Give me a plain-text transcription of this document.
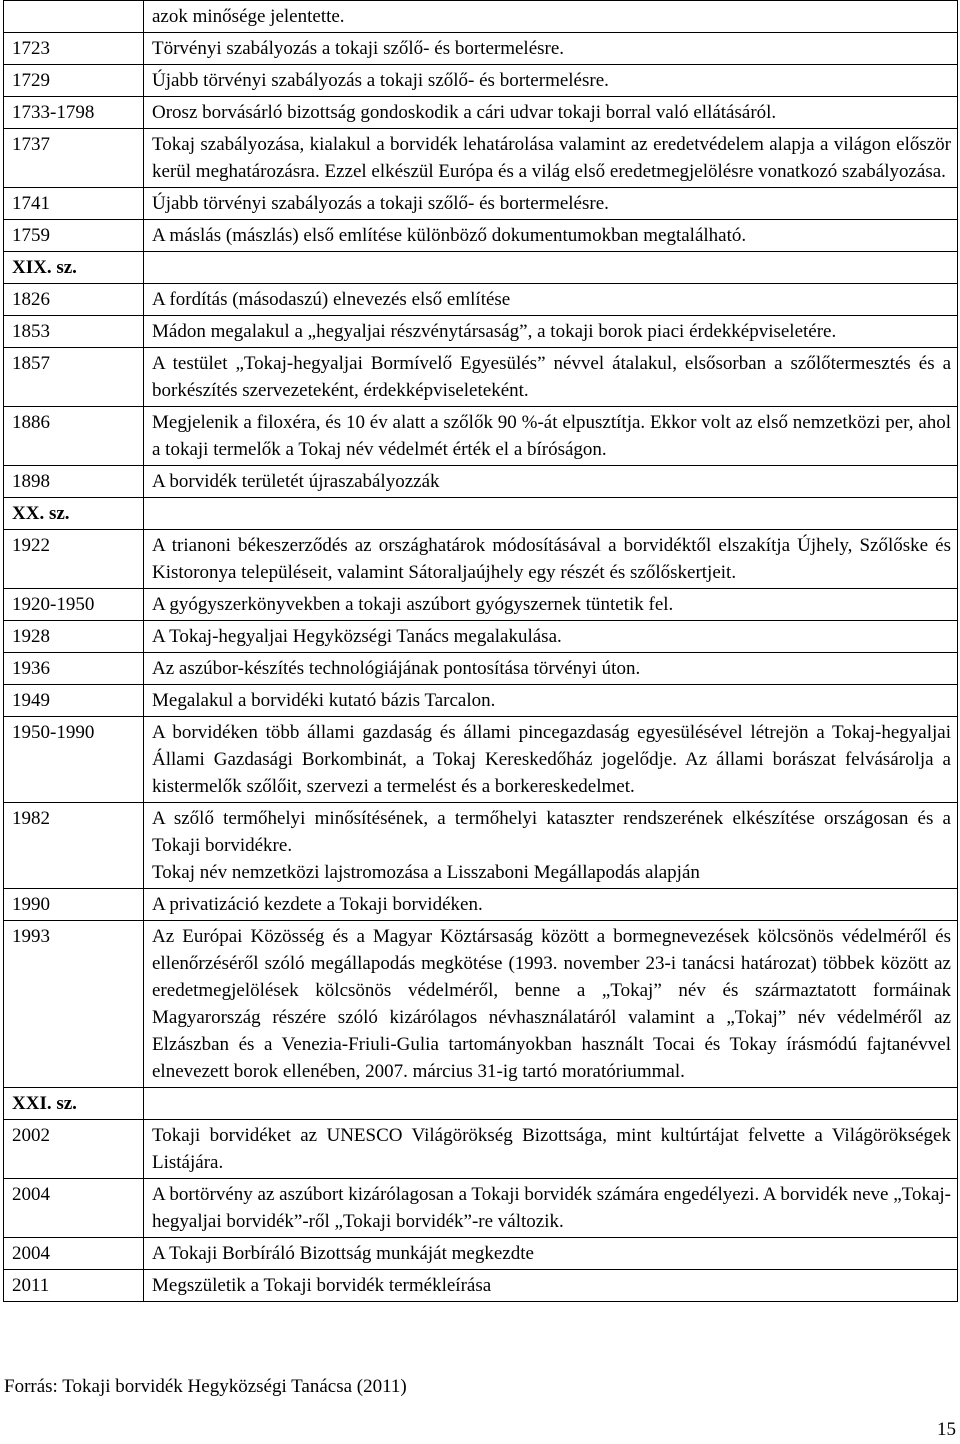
	azok minősége jelentette.
1723	Törvényi szabályozás a tokaji szőlő- és bortermelésre.
1729	Újabb törvényi szabályozás a tokaji szőlő- és bortermelésre.
1733-1798	Orosz borvásárló bizottság gondoskodik a cári udvar tokaji borral való ellátásáról.
1737	Tokaj szabályozása, kialakul a borvidék lehatárolása valamint az eredetvédelem alapja a világon először kerül meghatározásra. Ezzel elkészül Európa és a világ első eredetmegjelölésre vonatkozó szabályozása.
1741	Újabb törvényi szabályozás a tokaji szőlő- és bortermelésre.
1759	A máslás (mászlás) első említése különböző dokumentumokban megtalálható.
XIX. sz.	
1826	A fordítás (másodaszú) elnevezés első említése
1853	Mádon megalakul a „hegyaljai részvénytársaság”, a tokaji borok piaci érdekképviseletére.
1857	A testület „Tokaj-hegyaljai Bormívelő Egyesülés” névvel átalakul, elsősorban a szőlőtermesztés és a borkészítés szervezeteként, érdekképviseleteként.
1886	Megjelenik a filoxéra, és 10 év alatt a szőlők 90 %-át elpusztítja. Ekkor volt az első nemzetközi per, ahol a tokaji termelők a Tokaj név védelmét érték el a bíróságon.
1898	A borvidék területét újraszabályozzák
XX. sz.	
1922	A trianoni békeszerződés az országhatárok módosításával a borvidéktől elszakítja Újhely, Szőlőske és Kistoronya településeit, valamint Sátoraljaújhely egy részét és szőlőskertjeit.
1920-1950	A gyógyszerkönyvekben a tokaji aszúbort gyógyszernek tüntetik fel.
1928	A Tokaj-hegyaljai Hegyközségi Tanács megalakulása.
1936	Az aszúbor-készítés technológiájának pontosítása törvényi úton.
1949	Megalakul a borvidéki kutató bázis Tarcalon.
1950-1990	A borvidéken több állami gazdaság és állami pincegazdaság egyesülésével létrejön a Tokaj-hegyaljai Állami Gazdasági Borkombinát, a Tokaj Kereskedőház jogelődje. Az állami borászat felvásárolja a kistermelők szőlőit, szervezi a termelést és a borkereskedelmet.
1982	A szőlő termőhelyi minősítésének, a termőhelyi kataszter rendszerének elkészítése országosan és a Tokaji borvidékre.
Tokaj név nemzetközi lajstromozása a Lisszaboni Megállapodás alapján

1990	A privatizáció kezdete a Tokaji borvidéken.
1993	Az Európai Közösség és a Magyar Köztársaság között a bormegnevezések kölcsönös védelméről és ellenőrzéséről szóló megállapodás megkötése (1993. november 23-i tanácsi határozat) többek között az eredetmegjelölések kölcsönös védelméről, benne a „Tokaj” név és származtatott formáinak Magyarország részére szóló kizárólagos névhasználatáról valamint a „Tokaj” név védelméről az Elzászban és a Venezia-Friuli-Gulia tartományokban használt Tocai és Tokay írásmódú fajtanévvel elnevezett borok ellenében, 2007. március 31-ig tartó moratóriummal.
XXI. sz.	
2002	Tokaji borvidéket az UNESCO Világörökség Bizottsága, mint kultúrtájat felvette a Világörökségek Listájára.
2004	A bortörvény az aszúbort kizárólagosan a Tokaji borvidék számára engedélyezi. A borvidék neve „Tokaj-hegyaljai borvidék”-ről „Tokaji borvidék”-re változik.
2004	A Tokaji Borbíráló Bizottság munkáját megkezdte
2011	Megszületik a Tokaji borvidék termékleírása
Forrás: Tokaji borvidék Hegyközségi Tanácsa (2011)
15
